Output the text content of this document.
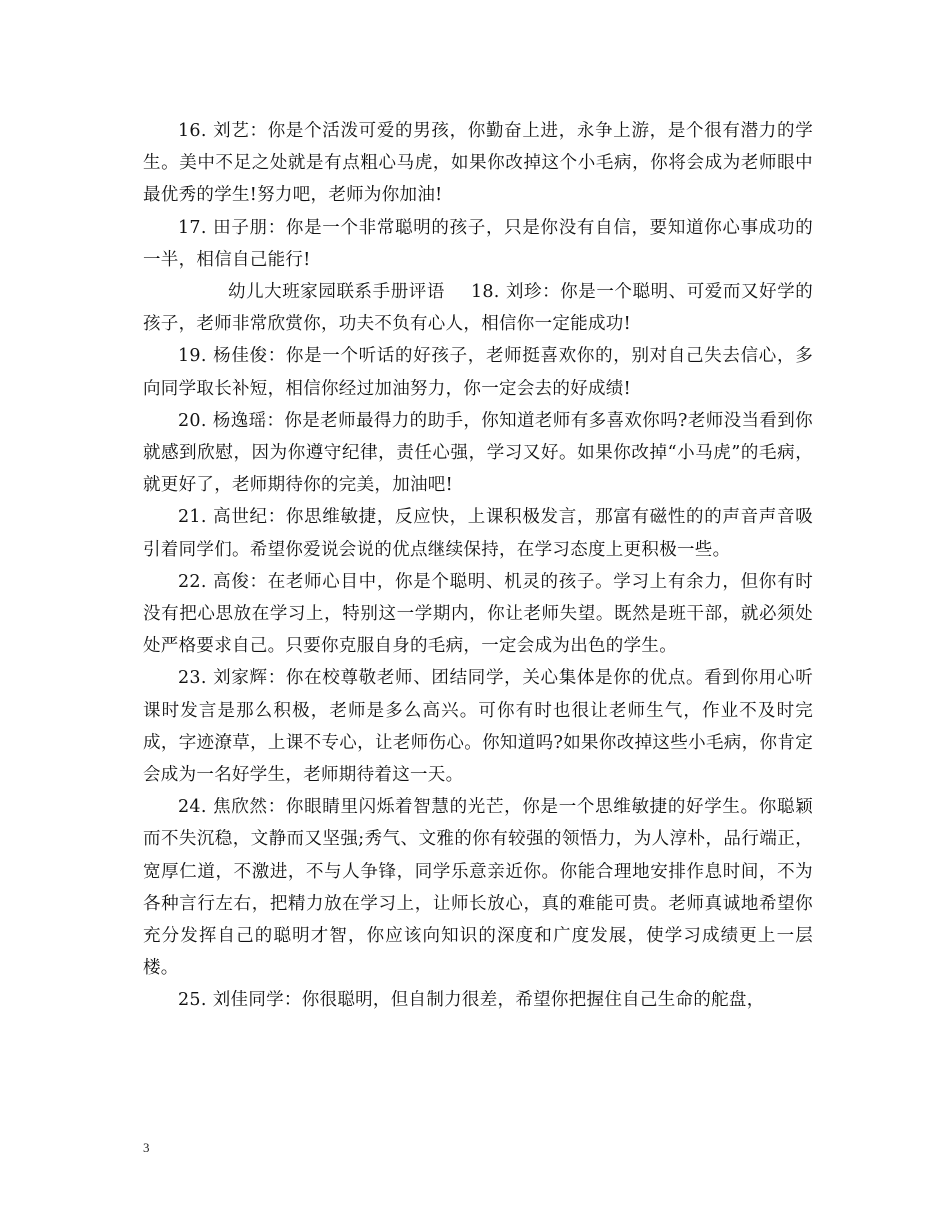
16. 刘艺：你是个活泼可爱的男孩，你勤奋上进，永争上游，是个很有潜力的学生。美中不足之处就是有点粗心马虎，如果你改掉这个小毛病，你将会成为老师眼中最优秀的学生!努力吧，老师为你加油!

17. 田子朋：你是一个非常聪明的孩子，只是你没有自信，要知道你心事成功的一半，相信自己能行!

幼儿大班家园联系手册评语 18. 刘珍：你是一个聪明、可爱而又好学的孩子，老师非常欣赏你，功夫不负有心人，相信你一定能成功!

19. 杨佳俊：你是一个听话的好孩子，老师挺喜欢你的，别对自己失去信心，多向同学取长补短，相信你经过加油努力，你一定会去的好成绩!

20. 杨逸瑶：你是老师最得力的助手，你知道老师有多喜欢你吗?老师没当看到你就感到欣慰，因为你遵守纪律，责任心强，学习又好。如果你改掉“小马虎”的毛病，就更好了，老师期待你的完美，加油吧!

21. 高世纪：你思维敏捷，反应快，上课积极发言，那富有磁性的的声音声音吸引着同学们。希望你爱说会说的优点继续保持，在学习态度上更积极一些。

22. 高俊：在老师心目中，你是个聪明、机灵的孩子。学习上有余力，但你有时没有把心思放在学习上，特别这一学期内，你让老师失望。既然是班干部，就必须处处严格要求自己。只要你克服自身的毛病，一定会成为出色的学生。

23. 刘家辉：你在校尊敬老师、团结同学，关心集体是你的优点。看到你用心听课时发言是那么积极，老师是多么高兴。可你有时也很让老师生气，作业不及时完成，字迹潦草，上课不专心，让老师伤心。你知道吗?如果你改掉这些小毛病，你肯定会成为一名好学生，老师期待着这一天。

24. 焦欣然：你眼睛里闪烁着智慧的光芒，你是一个思维敏捷的好学生。你聪颖而不失沉稳，文静而又坚强;秀气、文雅的你有较强的领悟力，为人淳朴，品行端正，宽厚仁道，不激进，不与人争锋，同学乐意亲近你。你能合理地安排作息时间，不为各种言行左右，把精力放在学习上，让师长放心，真的难能可贵。老师真诚地希望你充分发挥自己的聪明才智，你应该向知识的深度和广度发展，使学习成绩更上一层楼。

25. 刘佳同学：你很聪明，但自制力很差，希望你把握住自己生命的舵盘，

3
